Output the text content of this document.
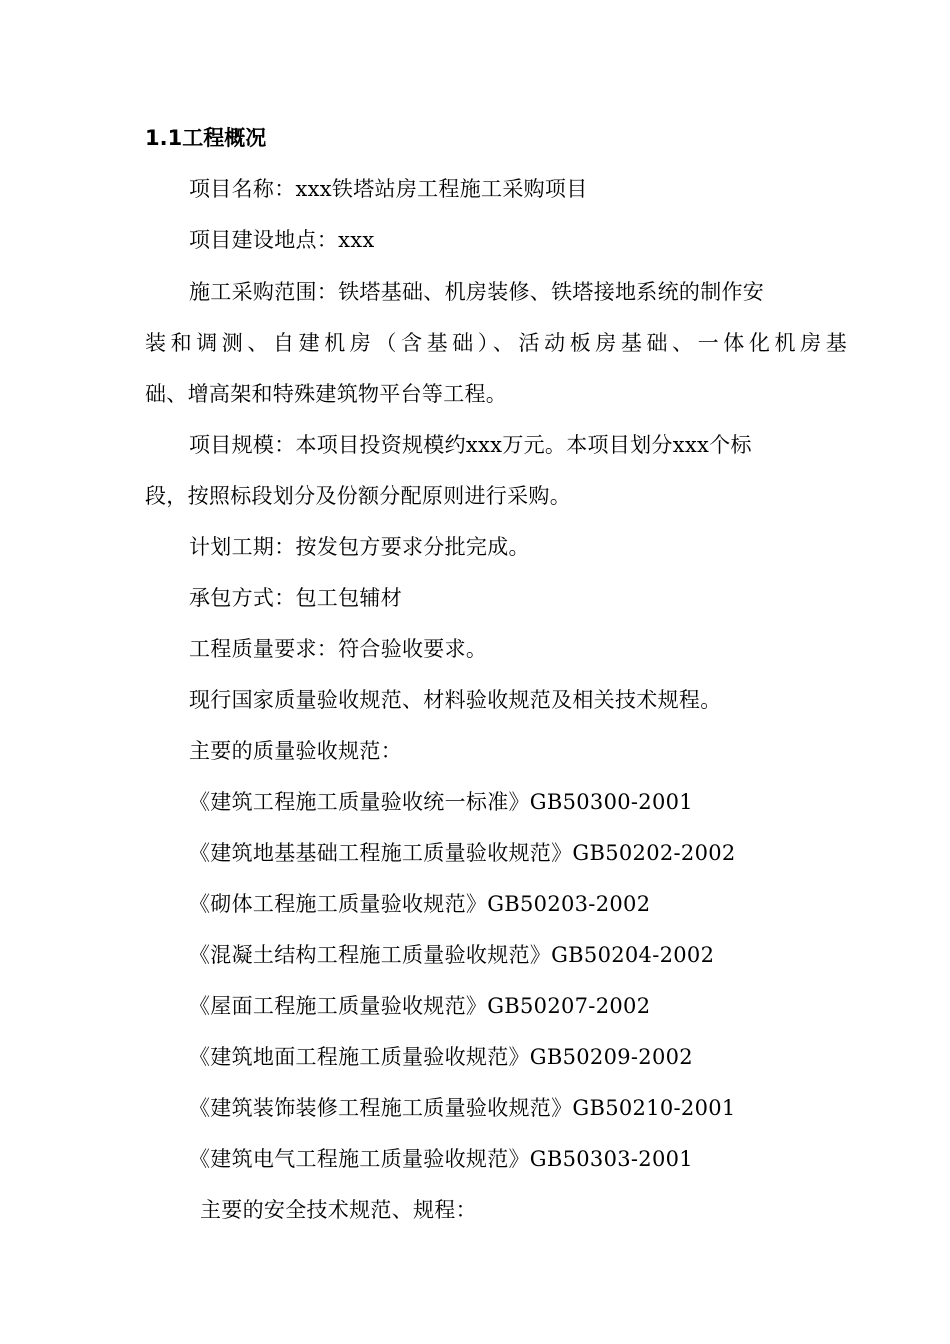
1.1工程概况
项目名称：xxx铁塔站房工程施工采购项目
项目建设地点：xxx
施工采购范围：铁塔基础、机房装修、铁塔接地系统的制作安
装和调测、自建机房（含基础）、活动板房基础、一体化机房基
础、增高架和特殊建筑物平台等工程。
项目规模：本项目投资规模约xxx万元。本项目划分xxx个标
段，按照标段划分及份额分配原则进行采购。
计划工期：按发包方要求分批完成。
承包方式：包工包辅材
工程质量要求：符合验收要求。
现行国家质量验收规范、材料验收规范及相关技术规程。
主要的质量验收规范：
《建筑工程施工质量验收统一标准》GB50300-2001
《建筑地基基础工程施工质量验收规范》GB50202-2002
《砌体工程施工质量验收规范》GB50203-2002
《混凝土结构工程施工质量验收规范》GB50204-2002
《屋面工程施工质量验收规范》GB50207-2002
《建筑地面工程施工质量验收规范》GB50209-2002
《建筑装饰装修工程施工质量验收规范》GB50210-2001
《建筑电气工程施工质量验收规范》GB50303-2001
主要的安全技术规范、规程：
